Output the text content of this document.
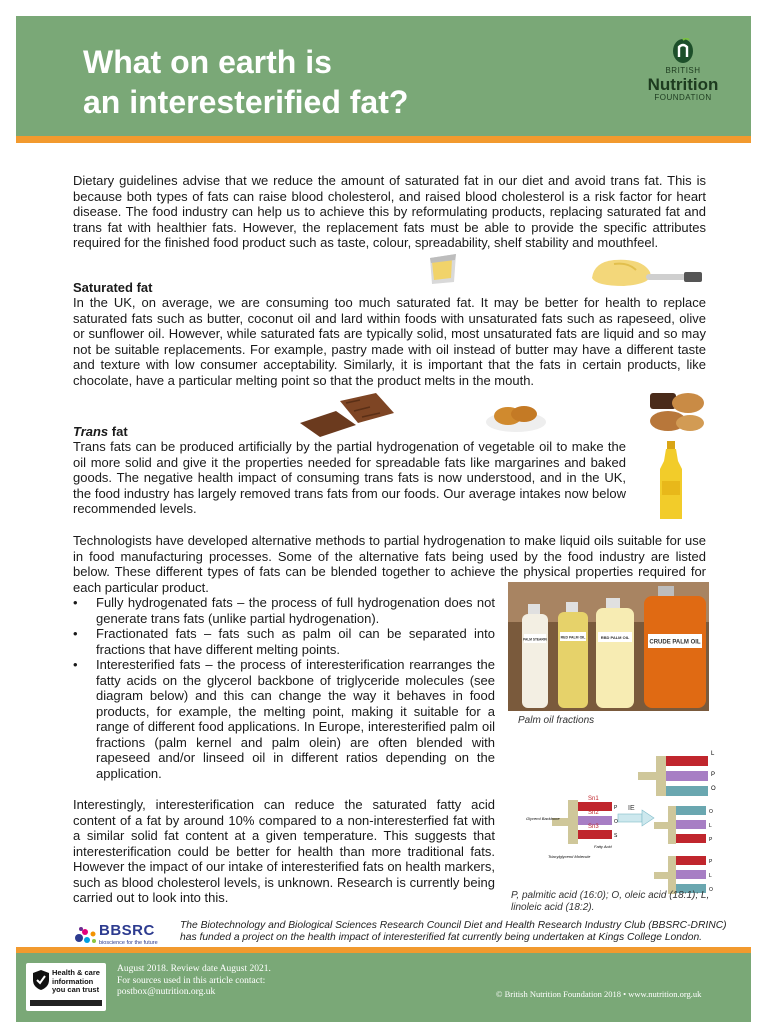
What on earth is
an interesterified fat?
BRITISH
Nutrition
FOUNDATION

Dietary guidelines advise that we reduce the amount of saturated fat in our diet and avoid trans fat. This is because both types of fats can raise blood cholesterol, and raised blood cholesterol is a risk factor for heart disease. The food industry can help us to achieve this by reformulating products, replacing saturated fat and trans fat with healthier fats. However, the replacement fats must be able to provide the specific attributes required for the finished food product such as taste, colour, spreadability, shelf stability and mouthfeel.

Saturated fat

In the UK, on average, we are consuming too much saturated fat. It may be better for health to replace saturated fats such as butter, coconut oil and lard within foods with unsaturated fats such as rapeseed, olive or sunflower oil. However, while saturated fats are typically solid, most unsaturated fats are liquid and so may not be suitable replacements. For example, pastry made with oil instead of butter may have a different taste and texture with low consumer acceptability. Similarly, it is important that the fats in certain products, like chocolate, have a particular melting point so that the product melts in the mouth.

Trans fat

Trans fats can be produced artificially by the partial hydrogenation of vegetable oil to make the oil more solid and give it the properties needed for spreadable fats like margarines and baked goods. The negative health impact of consuming trans fats is now understood, and in the UK, the food industry has largely removed trans fats from our foods. Our average intakes now below recommended levels.

Technologists have developed alternative methods to partial hydrogenation to make liquid oils suitable for use in food manufacturing processes. Some of the alternative fats being used by the food industry are listed below. These different types of fats can be blended together to achieve the physical properties required for each particular product.

• Fully hydrogenated fats – the process of full hydrogenation does not generate trans fats (unlike partial hydrogenation).
• Fractionated fats – fats such as palm oil can be separated into fractions that have different melting points.
• Interesterified fats – the process of interesterification rearranges the fatty acids on the glycerol backbone of triglyceride molecules (see diagram below) and this can change the way it behaves in food products, for example, the melting point, making it suitable for a range of different food applications. In Europe, interesterified palm oil fractions (palm kernel and palm olein) are often blended with rapeseed and/or linseed oil in different ratios depending on the application.

Interestingly, interesterification can reduce the saturated fatty acid content of a fat by around 10% compared to a non-interesterfied fat with a similar solid fat content at a given temperature. This suggests that interesterification could be better for health than more traditional fats. However the impact of our intake of interesterified fats on health markers, such as blood cholesterol levels, is unknown. Research is currently being carried out to look into this.

PALM STEARIN	RED PALM OIL	RBD PALM OIL
CRUDE PALM OIL
Palm oil fractions
L
P
O
Sn1
Sn2
Sn3
P
O
S
Glycerol Backbone
Fatty Acid
Triacylglycerol Molecule
IE	O
L
P
P
L
O
P, palmitic acid (16:0); O, oleic acid (18:1); L, linoleic acid (18:2).
BBSRC
bioscience for the future
The Biotechnology and Biological Sciences Research Council Diet and Health Research Industry Club (BBSRC-DRINC) has funded a project on the health impact of interesterified fat currently being undertaken at Kings College London.
Health & care
information
you can trust
August 2018. Review date August 2021.
For sources used in this article contact:
postbox@nutrition.org.uk	© British Nutrition Foundation 2018 • www.nutrition.org.uk
